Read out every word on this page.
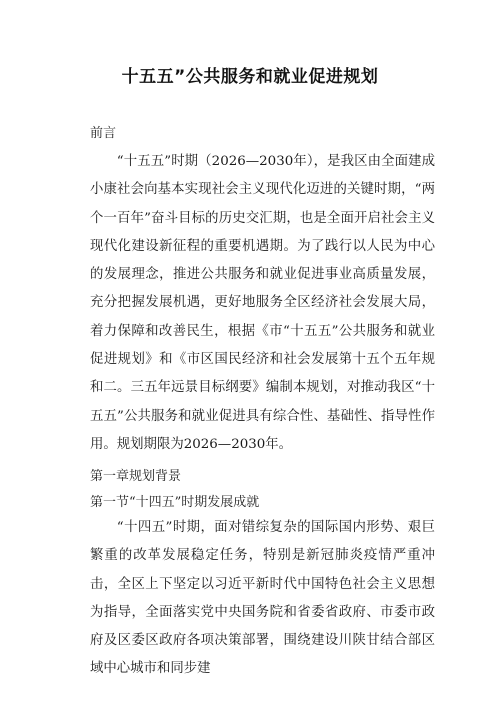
十五五”公共服务和就业促进规划
前言

“十五五”时期（2026—2030年），是我区由全面建成小康社会向基本实现社会主义现代化迈进的关键时期，“两个一百年”奋斗目标的历史交汇期，也是全面开启社会主义现代化建设新征程的重要机遇期。为了践行以人民为中心的发展理念，推进公共服务和就业促进事业高质量发展，充分把握发展机遇，更好地服务全区经济社会发展大局，着力保障和改善民生，根据《市“十五五”公共服务和就业促进规划》和《市区国民经济和社会发展第十五个五年规和二。三五年远景目标纲要》编制本规划，对推动我区“十五五”公共服务和就业促进具有综合性、基础性、指导性作用。规划期限为2026—2030年。

第一章规划背景
第一节“十四五”时期发展成就

“十四五”时期，面对错综复杂的国际国内形势、艰巨繁重的改革发展稳定任务，特别是新冠肺炎疫情严重冲击，全区上下坚定以习近平新时代中国特色社会主义思想为指导，全面落实党中央国务院和省委省政府、市委市政府及区委区政府各项决策部署，围绕建设川陕甘结合部区域中心城市和同步建
